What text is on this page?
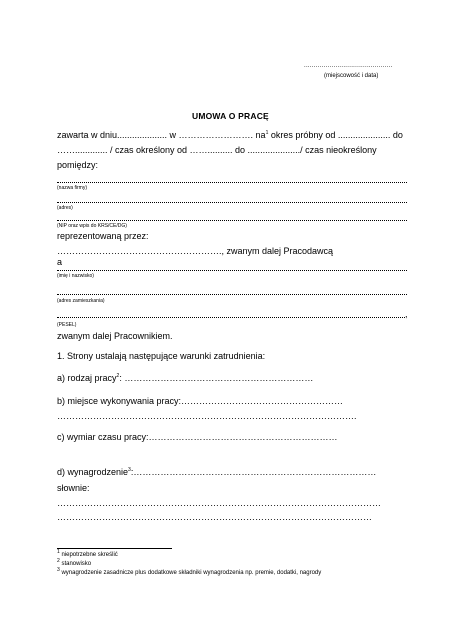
.............................................
(miejscowość i data)
UMOWA O PRACĘ
zawarta w dniu.................... w ……………………. $na^1$ okres próbny od ..................... do
……............. / czas określony od …….......... do ...................../ czas nieokreślony
pomiędzy:
(nazwa firmy)
(adres)
(NIP oraz wpis do KRS/CE/DG)
reprezentowaną przez:
………………………………………………., zwanym dalej Pracodawcą
a
(imię i nazwisko)
(adres zamieszkania)
,
(PESEL)
zwanym dalej Pracownikiem.
1. Strony ustalają następujące warunki zatrudnienia:
a) rodzaj pracy$^2$: ………………………………………………………
b) miejsce wykonywania pracy:………………………………………………
……………………………………………………………………………………….
c) wymiar czasu pracy:………………………………………………………
d) wynagrodzenie$^3$:………………………………………………………………………
słownie:
………………………………………………………………………………………………
……………………………………………………………………………………………
$^1$ niepotrzebne skreślić
$^2$ stanowisko
$^3$ wynagrodzenie zasadnicze plus dodatkowe składniki wynagrodzenia np. premie, dodatki, nagrody
